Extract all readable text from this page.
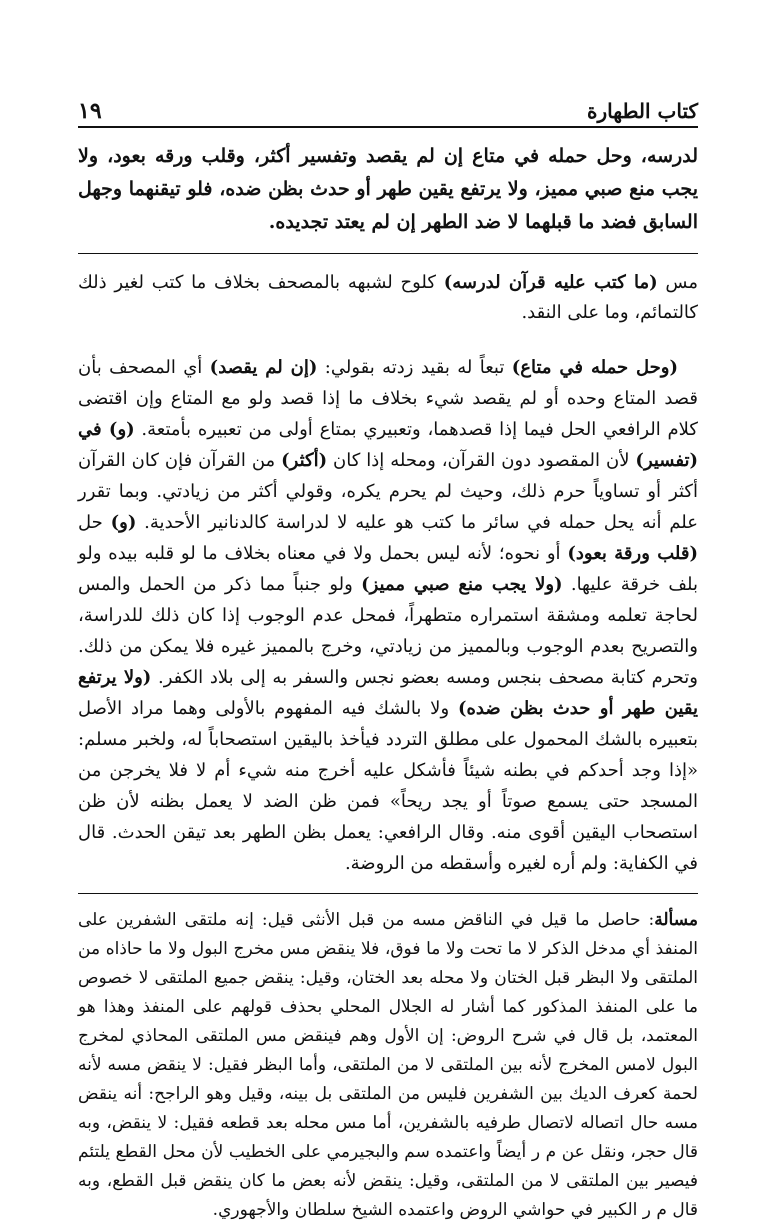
كتاب الطهارة
١٩

لدرسه، وحل حمله في متاع إن لم يقصد وتفسير أكثر، وقلب ورقه بعود، ولا يجب منع صبي مميز، ولا يرتفع يقين طهر أو حدث بظن ضده، فلو تيقنهما وجهل السابق فضد ما قبلهما لا ضد الطهر إن لم يعتد تجديده.

مس (ما كتب عليه قرآن لدرسه) كلوح لشبهه بالمصحف بخلاف ما كتب لغير ذلك كالتمائم، وما على النقد.

(وحل حمله في متاع) تبعاً له بقيد زدته بقولي: (إن لم يقصد) أي المصحف بأن قصد المتاع وحده أو لم يقصد شيء بخلاف ما إذا قصد ولو مع المتاع وإن اقتضى كلام الرافعي الحل فيما إذا قصدهما، وتعبيري بمتاع أولى من تعبيره بأمتعة. (و) في (تفسير) لأن المقصود دون القرآن، ومحله إذا كان (أكثر) من القرآن فإن كان القرآن أكثر أو تساوياً حرم ذلك، وحيث لم يحرم يكره، وقولي أكثر من زيادتي. وبما تقرر علم أنه يحل حمله في سائر ما كتب هو عليه لا لدراسة كالدنانير الأحدية. (و) حل (قلب ورقة بعود) أو نحوه؛ لأنه ليس بحمل ولا في معناه بخلاف ما لو قلبه بيده ولو بلف خرقة عليها. (ولا يجب منع صبي مميز) ولو جنباً مما ذكر من الحمل والمس لحاجة تعلمه ومشقة استمراره متطهراً، فمحل عدم الوجوب إذا كان ذلك للدراسة، والتصريح بعدم الوجوب وبالمميز من زيادتي، وخرج بالمميز غيره فلا يمكن من ذلك. وتحرم كتابة مصحف بنجس ومسه بعضو نجس والسفر به إلى بلاد الكفر. (ولا يرتفع يقين طهر أو حدث بظن ضده) ولا بالشك فيه المفهوم بالأولى وهما مراد الأصل بتعبيره بالشك المحمول على مطلق التردد فيأخذ باليقين استصحاباً له، ولخبر مسلم: «إذا وجد أحدكم في بطنه شيئاً فأشكل عليه أخرج منه شيء أم لا فلا يخرجن من المسجد حتى يسمع صوتاً أو يجد ريحاً» فمن ظن الضد لا يعمل بظنه لأن ظن استصحاب اليقين أقوى منه. وقال الرافعي: يعمل بظن الطهر بعد تيقن الحدث. قال في الكفاية: ولم أره لغيره وأسقطه من الروضة.

مسألة: حاصل ما قيل في الناقض مسه من قبل الأنثى قيل: إنه ملتقى الشفرين على المنفذ أي مدخل الذكر لا ما تحت ولا ما فوق، فلا ينقض مس مخرج البول ولا ما حاذاه من الملتقى ولا البظر قبل الختان ولا محله بعد الختان، وقيل: ينقض جميع الملتقى لا خصوص ما على المنفذ المذكور كما أشار له الجلال المحلي بحذف قولهم على المنفذ وهذا هو المعتمد، بل قال في شرح الروض: إن الأول وهم فينقض مس الملتقى المحاذي لمخرج البول لامس المخرج لأنه بين الملتقى لا من الملتقى، وأما البظر فقيل: لا ينقض مسه لأنه لحمة كعرف الديك بين الشفرين فليس من الملتقى بل بينه، وقيل وهو الراجح: أنه ينقض مسه حال اتصاله لاتصال طرفيه بالشفرين، أما مس محله بعد قطعه فقيل: لا ينقض، وبه قال حجر، ونقل عن م ر أيضاً واعتمده سم والبجيرمي على الخطيب لأن محل القطع يلتئم فيصير بين الملتقى لا من الملتقى، وقيل: ينقض لأنه بعض ما كان ينقض قبل القطع، وبه قال م ر الكبير في حواشي الروض واعتمده الشيخ سلطان والأجهوري.
